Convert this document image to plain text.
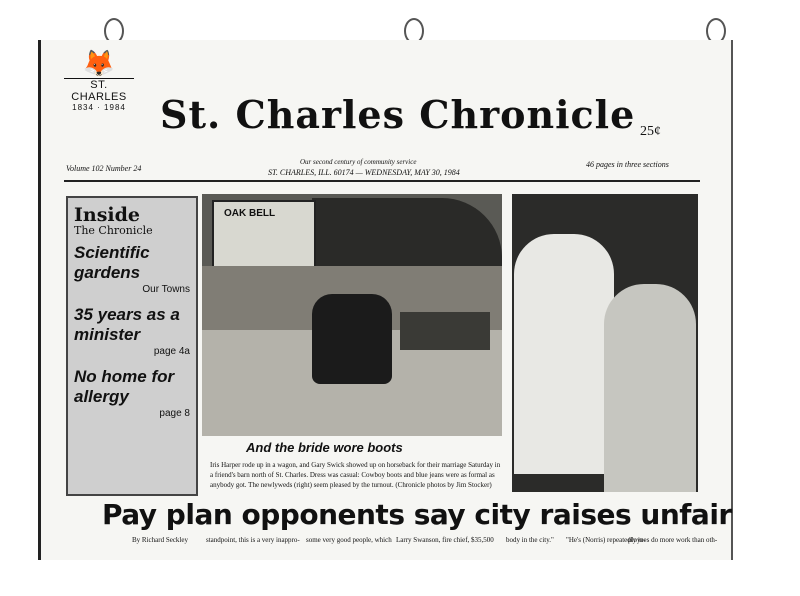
🦊
ST. CHARLES
1834 · 1984 St. Charles Chronicle 25¢
Our second century of community service
Volume 102 Number 24	ST. CHARLES, ILL. 60174 — WEDNESDAY, MAY 30, 1984
46 pages in three sections
Inside
The Chronicle
Scientific gardens
Our Towns
35 years as a minister
page 4a
No home for allergy
page 8
OAK BELL
And the bride wore boots
Iris Harper rode up in a wagon, and Gary Swick showed up on horseback for their marriage Saturday in a friend's barn north of St. Charles. Dress was casual: Cowboy boots and blue jeans were as formal as anybody got. The newlyweds (right) seem pleased by the turnout. (Chronicle photos by Jim Stocker)
Pay plan opponents say city raises unfair
By Richard Seckley	standpoint, this is a very inappro- some very good people, which Larry Swanson, fire chief, $35,500 body in the city." "He's (Norris) repeatedly in-
ployees do more work than oth-
